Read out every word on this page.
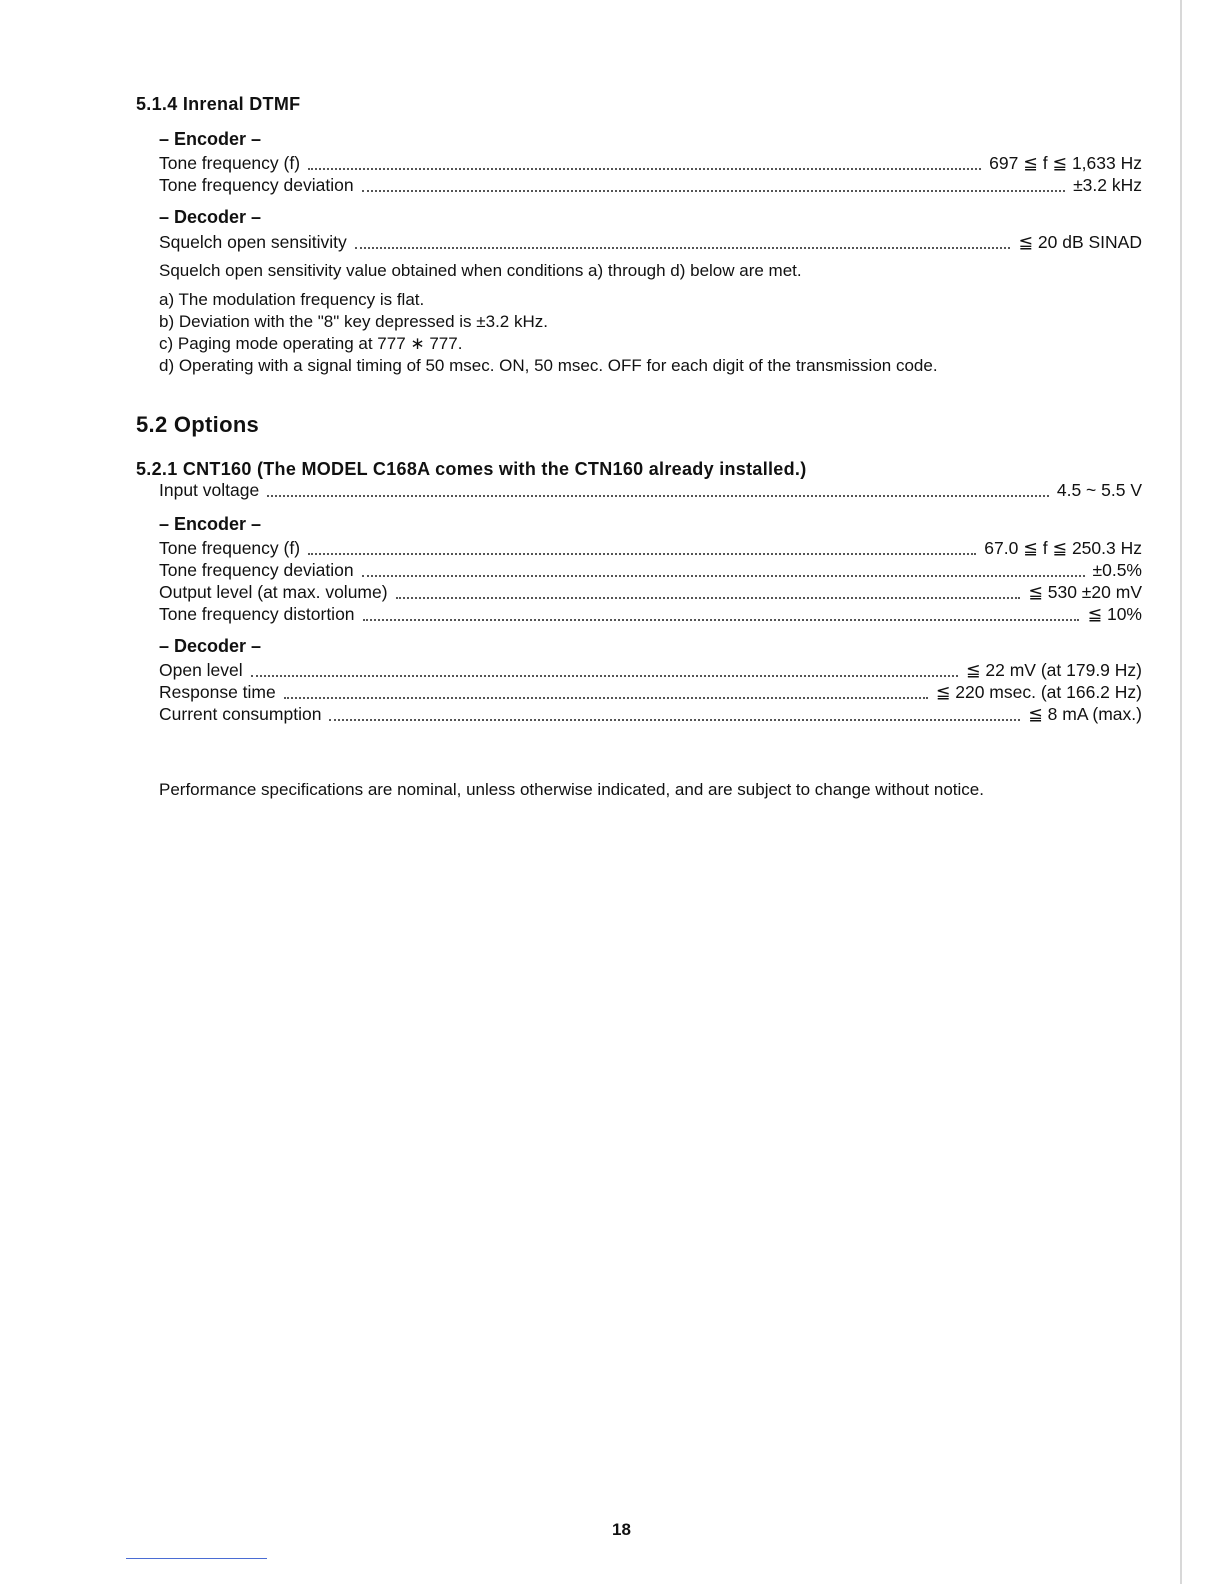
5.1.4 Inrenal DTMF
– Encoder –
Tone frequency (f)	697 ≦ f ≦ 1,633 Hz
Tone frequency deviation	±3.2 kHz
– Decoder –
Squelch open sensitivity	≦ 20 dB SINAD
Squelch open sensitivity value obtained when conditions a) through d) below are met.
a) The modulation frequency is flat.
b) Deviation with the "8" key depressed is ±3.2 kHz.
c) Paging mode operating at 777 ∗ 777.
d) Operating with a signal timing of 50 msec. ON, 50 msec. OFF for each digit of the transmission code.
5.2 Options
5.2.1 CNT160 (The MODEL C168A comes with the CTN160 already installed.)
Input voltage	4.5 ~ 5.5 V
– Encoder –
Tone frequency (f)	67.0 ≦ f ≦ 250.3 Hz
Tone frequency deviation	±0.5%
Output level (at max. volume)	≦ 530 ±20 mV
Tone frequency distortion	≦ 10%
– Decoder –
Open level	≦ 22 mV (at 179.9 Hz)
Response time	≦ 220 msec. (at 166.2 Hz)
Current consumption	≦ 8 mA (max.)
Performance specifications are nominal, unless otherwise indicated, and are subject to change without notice.
18
